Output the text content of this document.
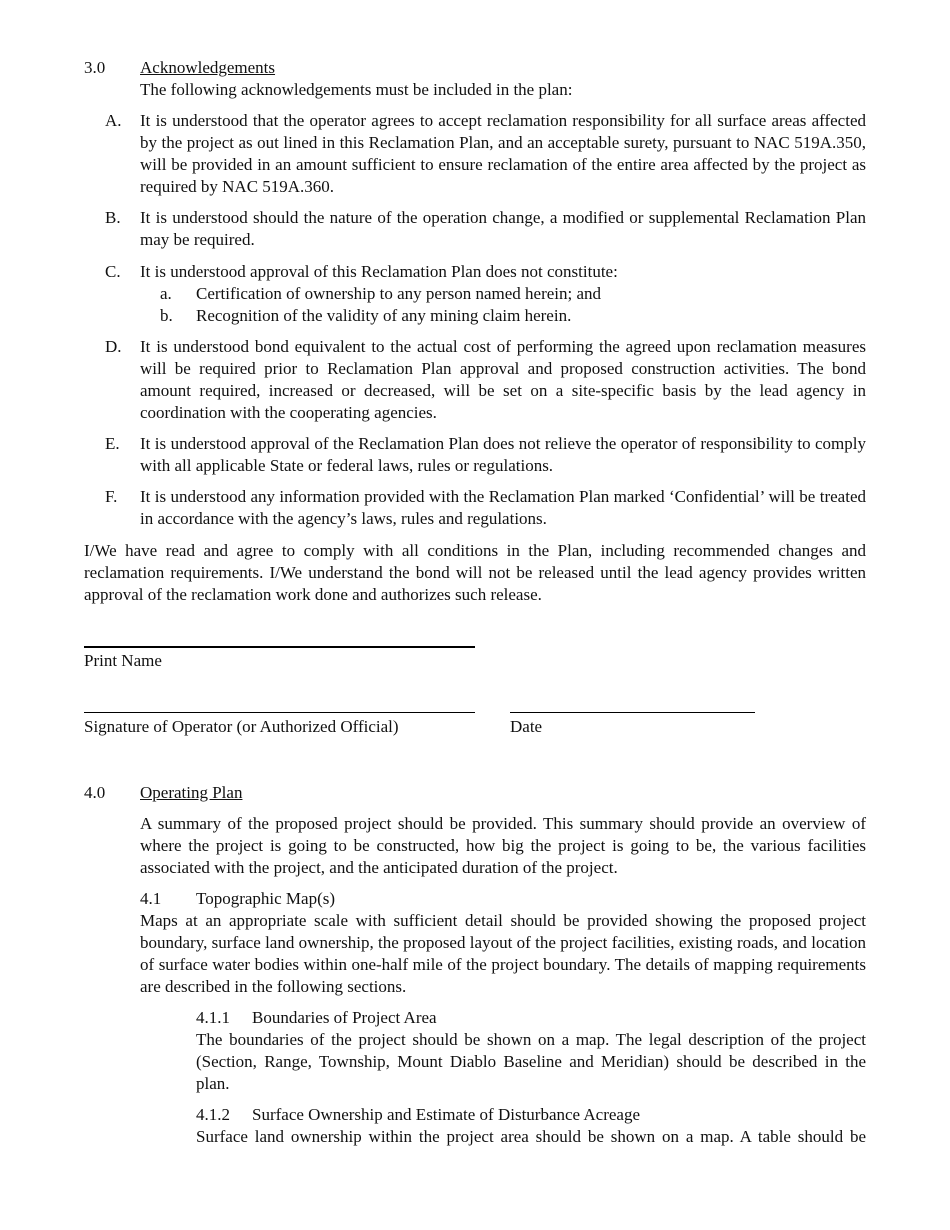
3.0 Acknowledgements
The following acknowledgements must be included in the plan:
A. It is understood that the operator agrees to accept reclamation responsibility for all surface areas affected by the project as out lined in this Reclamation Plan, and an acceptable surety, pursuant to NAC 519A.350, will be provided in an amount sufficient to ensure reclamation of the entire area affected by the project as required by NAC 519A.360.
B. It is understood should the nature of the operation change, a modified or supplemental Reclamation Plan may be required.
C. It is understood approval of this Reclamation Plan does not constitute:
a. Certification of ownership to any person named herein; and
b. Recognition of the validity of any mining claim herein.
D. It is understood bond equivalent to the actual cost of performing the agreed upon reclamation measures will be required prior to Reclamation Plan approval and proposed construction activities. The bond amount required, increased or decreased, will be set on a site-specific basis by the lead agency in coordination with the cooperating agencies.
E. It is understood approval of the Reclamation Plan does not relieve the operator of responsibility to comply with all applicable State or federal laws, rules or regulations.
F. It is understood any information provided with the Reclamation Plan marked ‘Confidential’ will be treated in accordance with the agency’s laws, rules and regulations.
I/We have read and agree to comply with all conditions in the Plan, including recommended changes and reclamation requirements. I/We understand the bond will not be released until the lead agency provides written approval of the reclamation work done and authorizes such release.
Print Name
Signature of Operator (or Authorized Official)	Date
4.0 Operating Plan
A summary of the proposed project should be provided. This summary should provide an overview of where the project is going to be constructed, how big the project is going to be, the various facilities associated with the project, and the anticipated duration of the project.
4.1 Topographic Map(s)
Maps at an appropriate scale with sufficient detail should be provided showing the proposed project boundary, surface land ownership, the proposed layout of the project facilities, existing roads, and location of surface water bodies within one-half mile of the project boundary. The details of mapping requirements are described in the following sections.
4.1.1 Boundaries of Project Area
The boundaries of the project should be shown on a map. The legal description of the project (Section, Range, Township, Mount Diablo Baseline and Meridian) should be described in the plan.
4.1.2 Surface Ownership and Estimate of Disturbance Acreage
Surface land ownership within the project area should be shown on a map. A table should be
